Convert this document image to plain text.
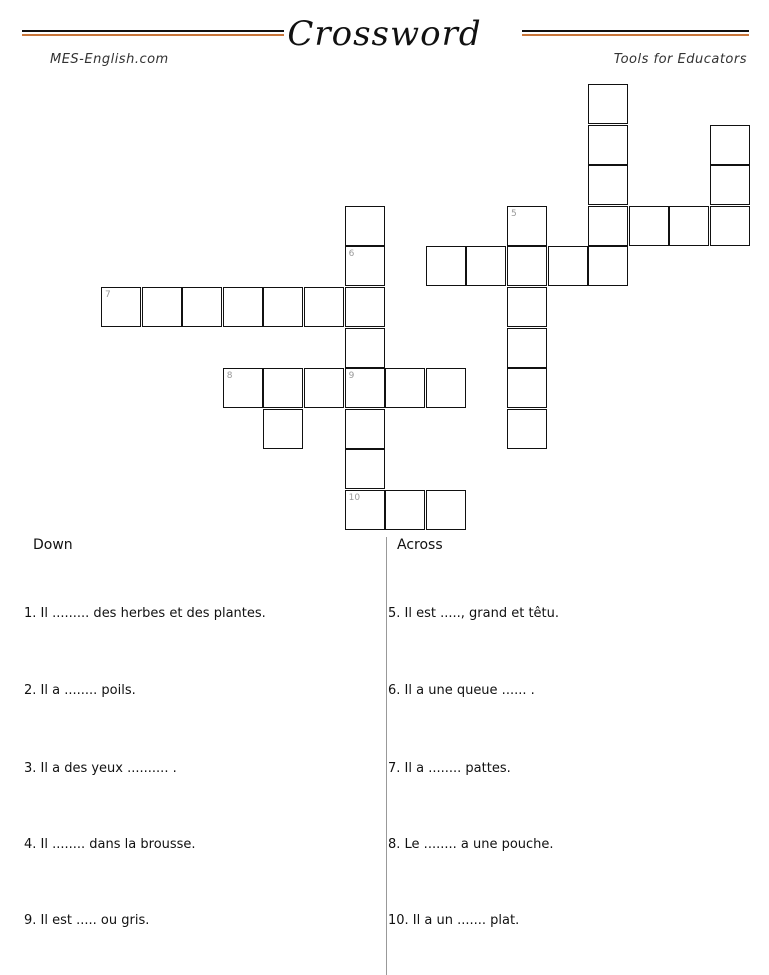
Crossword
MES-English.com	Tools for Educators
5
6
7
8	9
10
Down	Across
1. Il ......... des herbes et des plantes.
2. Il a ........ poils.
3. Il a des yeux .......... .
4. Il ........ dans la brousse.
9. Il est ..... ou gris.
5. Il est ....., grand et têtu.
6. Il a une queue ...... .
7. Il a ........ pattes.
8. Le ........ a une pouche.
10. Il a un ....... plat.
